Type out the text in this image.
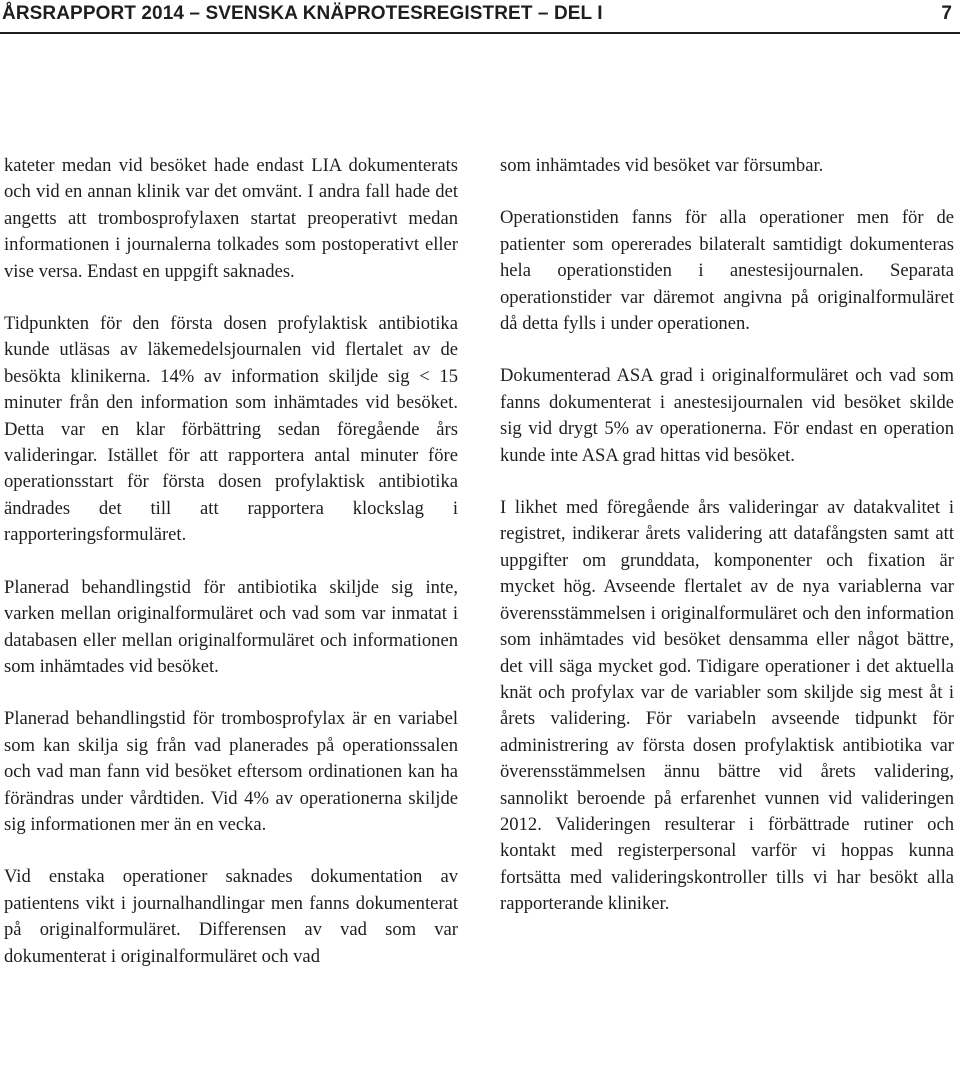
ÅRSRAPPORT 2014 – SVENSKA KNÄPROTESREGISTRET – DEL I	7

kateter medan vid besöket hade endast LIA dokumenterats och vid en annan klinik var det omvänt. I andra fall hade det angetts att trombosprofylaxen startat preoperativt medan informationen i journalerna tolkades som postoperativt eller vise versa. Endast en uppgift saknades.

Tidpunkten för den första dosen profylaktisk antibiotika kunde utläsas av läkemedelsjournalen vid flertalet av de besökta klinikerna. 14% av information skiljde sig < 15 minuter från den information som inhämtades vid besöket. Detta var en klar förbättring sedan föregående års valideringar. Istället för att rapportera antal minuter före operationsstart för första dosen profylaktisk antibiotika ändrades det till att rapportera klockslag i rapporteringsformuläret.

Planerad behandlingstid för antibiotika skiljde sig inte, varken mellan originalformuläret och vad som var inmatat i databasen eller mellan originalformuläret och informationen som inhämtades vid besöket.

Planerad behandlingstid för trombosprofylax är en variabel som kan skilja sig från vad planerades på operationssalen och vad man fann vid besöket eftersom ordinationen kan ha förändras under vårdtiden. Vid 4% av operationerna skiljde sig informationen mer än en vecka.

Vid enstaka operationer saknades dokumentation av patientens vikt i journalhandlingar men fanns dokumenterat på originalformuläret. Differensen av vad som var dokumenterat i originalformuläret och vad

som inhämtades vid besöket var försumbar.

Operationstiden fanns för alla operationer men för de patienter som opererades bilateralt samtidigt dokumenteras hela operationstiden i anestesijournalen. Separata operationstider var däremot angivna på originalformuläret då detta fylls i under operationen.

Dokumenterad ASA grad i originalformuläret och vad som fanns dokumenterat i anestesijournalen vid besöket skilde sig vid drygt 5% av operationerna. För endast en operation kunde inte ASA grad hittas vid besöket.

I likhet med föregående års valideringar av datakvalitet i registret, indikerar årets validering att datafångsten samt att uppgifter om grunddata, komponenter och fixation är mycket hög. Avseende flertalet av de nya variablerna var överensstämmelsen i originalformuläret och den information som inhämtades vid besöket densamma eller något bättre, det vill säga mycket god. Tidigare operationer i det aktuella knät och profylax var de variabler som skiljde sig mest åt i årets validering. För variabeln avseende tidpunkt för administrering av första dosen profylaktisk antibiotika var överensstämmelsen ännu bättre vid årets validering, sannolikt beroende på erfarenhet vunnen vid valideringen 2012. Valideringen resulterar i förbättrade rutiner och kontakt med registerpersonal varför vi hoppas kunna fortsätta med valideringskontroller tills vi har besökt alla rapporterande kliniker.
